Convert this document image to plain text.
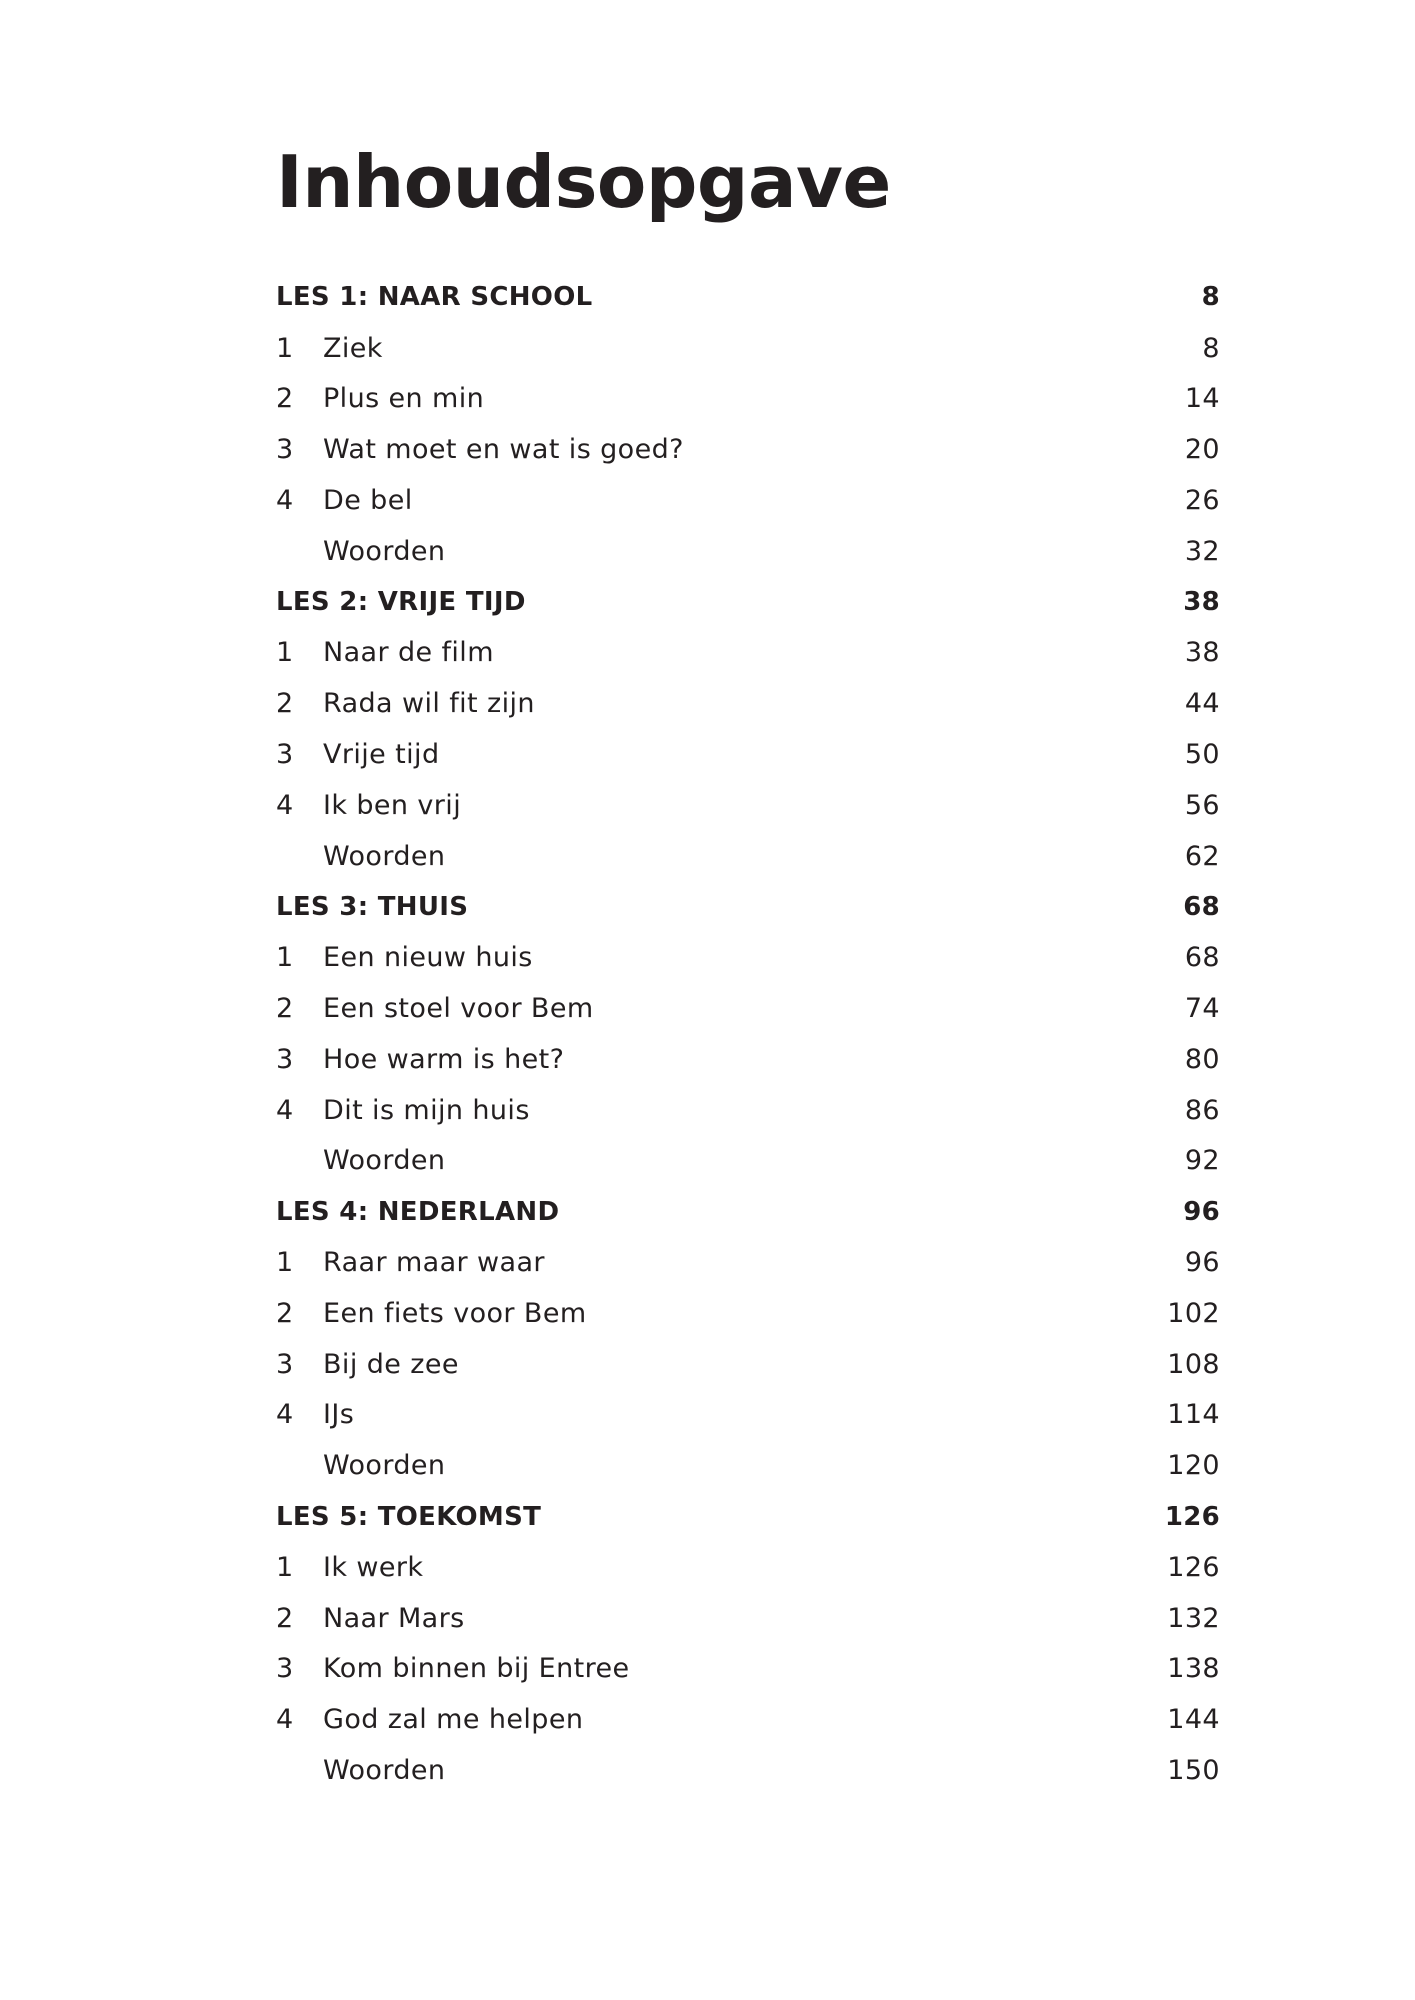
Inhoudsopgave
LES 1: NAAR SCHOOL	8
1	Ziek	8
2	Plus en min	14
3	Wat moet en wat is goed?	20
4	De bel	26
Woorden	32
LES 2: VRIJE TIJD	38
1	Naar de film	38
2	Rada wil fit zijn	44
3	Vrije tijd	50
4	Ik ben vrij	56
Woorden	62
LES 3: THUIS	68
1	Een nieuw huis	68
2	Een stoel voor Bem	74
3	Hoe warm is het?	80
4	Dit is mijn huis	86
Woorden	92
LES 4: NEDERLAND	96
1	Raar maar waar	96
2	Een fiets voor Bem	102
3	Bij de zee	108
4	IJs	114
Woorden	120
LES 5: TOEKOMST	126
1	Ik werk	126
2	Naar Mars	132
3	Kom binnen bij Entree	138
4	God zal me helpen	144
Woorden	150
